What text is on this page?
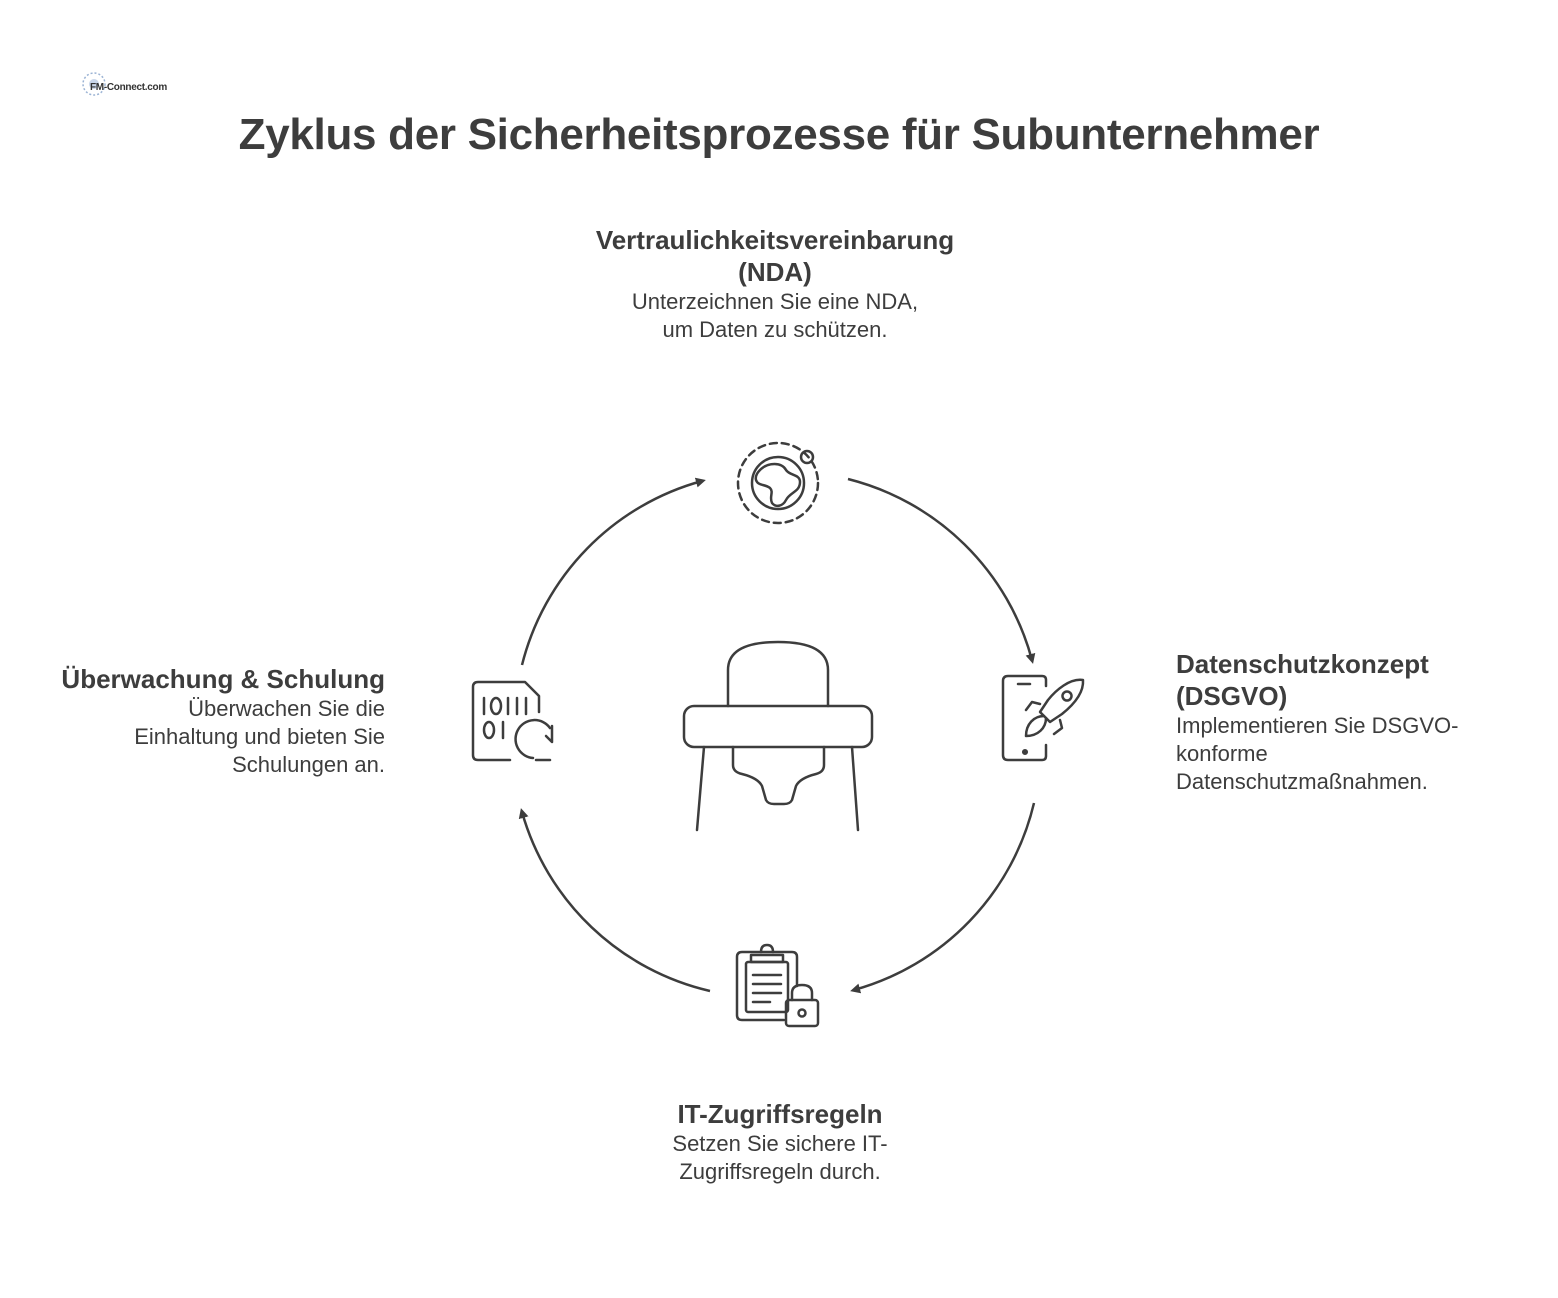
FM-Connect.com
Zyklus der Sicherheitsprozesse für Subunternehmer
Vertraulichkeitsvereinbarung (NDA)
Unterzeichnen Sie eine NDA, um Daten zu schützen.
Datenschutzkonzept (DSGVO)
Implementieren Sie DSGVO-konforme Datenschutzmaßnahmen.
IT-Zugriffsregeln
Setzen Sie sichere IT-Zugriffsregeln durch.
Überwachung & Schulung
Überwachen Sie die Einhaltung und bieten Sie Schulungen an.
